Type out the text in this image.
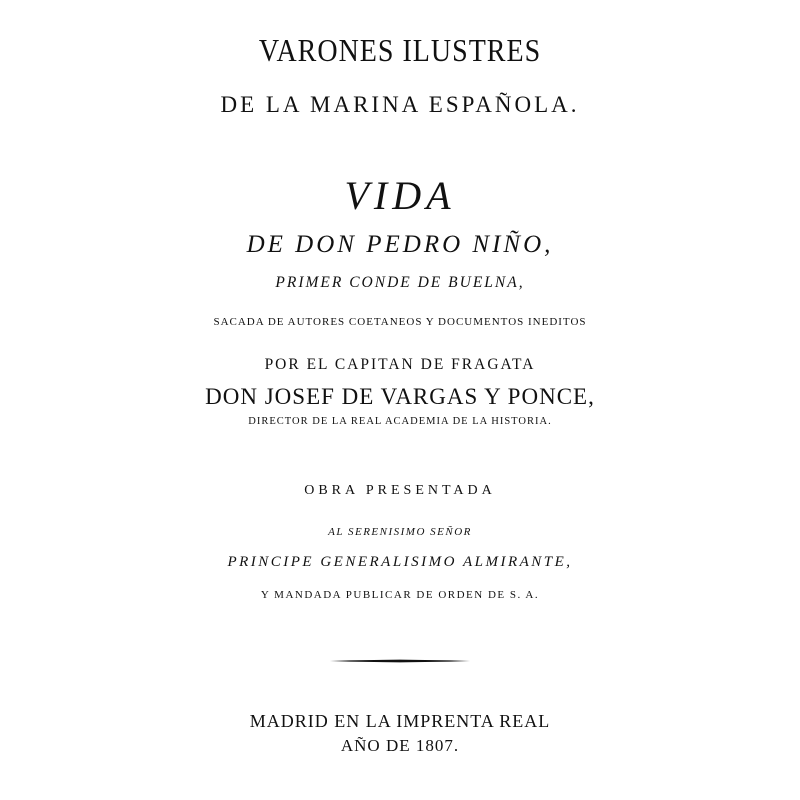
VARONES ILUSTRES
DE LA MARINA ESPAÑOLA.
VIDA
DE DON PEDRO NIÑO,
PRIMER CONDE DE BUELNA,
SACADA DE AUTORES COETANEOS Y DOCUMENTOS INEDITOS
POR EL CAPITAN DE FRAGATA
DON JOSEF DE VARGAS Y PONCE,
DIRECTOR DE LA REAL ACADEMIA DE LA HISTORIA.
OBRA PRESENTADA
AL SERENISIMO SEÑOR
PRINCIPE GENERALISIMO ALMIRANTE,
Y MANDADA PUBLICAR DE ORDEN DE S. A.
MADRID EN LA IMPRENTA REAL
AÑO DE 1807.
